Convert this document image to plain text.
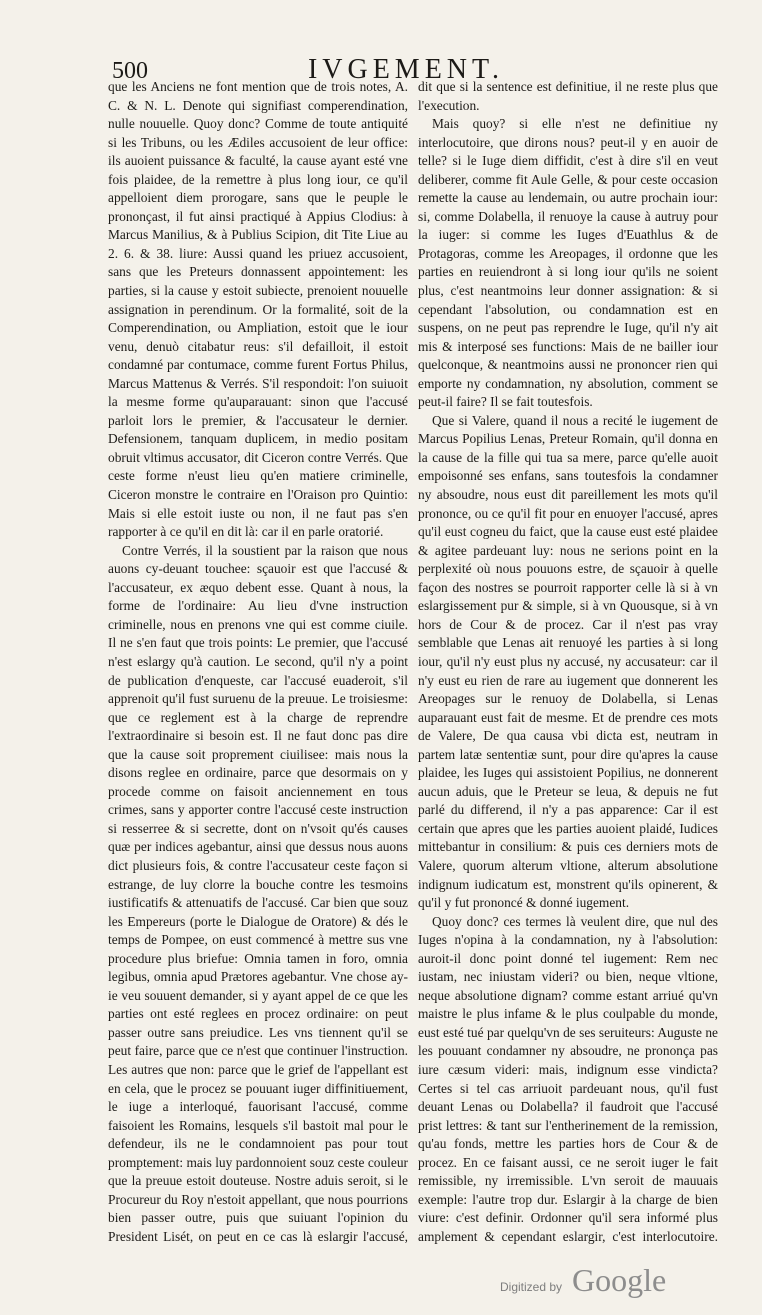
500	IVGEMENT.

que les Anciens ne font mention que de trois notes, A. C. & N. L. Denote qui signifiast comperendination, nulle nouuelle. Quoy donc? Comme de toute antiquité si les Tribuns, ou les Ædiles accusoient de leur office: ils auoient puissance & faculté, la cause ayant esté vne fois plaidee, de la remettre à plus long iour, ce qu'il appelloient diem prorogare, sans que le peuple le prononçast, il fut ainsi practiqué à Appius Clodius: à Marcus Manilius, & à Publius Scipion, dit Tite Liue au 2. 6. & 38. liure: Aussi quand les priuez accusoient, sans que les Preteurs donnassent appointement: les parties, si la cause y estoit subiecte, prenoient nouuelle assignation in perendinum. Or la formalité, soit de la Comperendination, ou Ampliation, estoit que le iour venu, denuò citabatur reus: s'il defailloit, il estoit condamné par contumace, comme furent Fortus Philus, Marcus Mattenus & Verrés. S'il respondoit: l'on suiuoit la mesme forme qu'auparauant: sinon que l'accusé parloit lors le premier, & l'accusateur le dernier. Defensionem, tanquam duplicem, in medio positam obruit vltimus accusator, dit Ciceron contre Verrés. Que ceste forme n'eust lieu qu'en matiere criminelle, Ciceron monstre le contraire en l'Oraison pro Quintio: Mais si elle estoit iuste ou non, il ne faut pas s'en rapporter à ce qu'il en dit là: car il en parle oratorié.

Contre Verrés, il la soustient par la raison que nous auons cy-deuant touchee: sçauoir est que l'accusé & l'accusateur, ex æquo debent esse. Quant à nous, la forme de l'ordinaire: Au lieu d'vne instruction criminelle, nous en prenons vne qui est comme ciuile. Il ne s'en faut que trois points: Le premier, que l'accusé n'est eslargy qu'à caution. Le second, qu'il n'y a point de publication d'enqueste, car l'accusé euaderoit, s'il apprenoit qu'il fust suruenu de la preuue. Le troisiesme: que ce reglement est à la charge de reprendre l'extraordinaire si besoin est. Il ne faut donc pas dire que la cause soit proprement ciuilisee: mais nous la disons reglee en ordinaire, parce que desormais on y procede comme on faisoit anciennement en tous crimes, sans y apporter contre l'accusé ceste instruction si resserree & si secrette, dont on n'vsoit qu'és causes quæ per indices agebantur, ainsi que dessus nous auons dict plusieurs fois, & contre l'accusateur ceste façon si estrange, de luy clorre la bouche contre les tesmoins iustificatifs & attenuatifs de l'accusé. Car bien que souz les Empereurs (porte le Dialogue de Oratore) & dés le temps de Pompee, on eust commencé à mettre sus vne procedure plus briefue: Omnia tamen in foro, omnia legibus, omnia apud Prætores agebantur. Vne chose ay-ie veu souuent demander, si y ayant appel de ce que les parties ont esté reglees en procez ordinaire: on peut passer outre sans preiudice. Les vns tiennent qu'il se peut faire, parce que ce n'est que continuer l'instruction. Les autres que non: parce que le grief de l'appellant est en cela, que le procez se pouuant iuger diffinitiuement, le iuge a interloqué, fauorisant l'accusé, comme faisoient les Romains, lesquels s'il bastoit mal pour le defendeur, ils ne le condamnoient pas pour tout promptement: mais luy pardonnoient souz ceste couleur que la preuue estoit douteuse. Nostre aduis seroit, si le Procureur du Roy n'estoit appellant, que nous pourrions bien passer outre, puis que suiuant l'opinion du President Lisét, on peut en ce cas là eslargir l'accusé,

dit que si la sentence est definitiue, il ne reste plus que l'execution.

Mais quoy? si elle n'est ne definitiue ny interlocutoire, que dirons nous? peut-il y en auoir de telle? si le Iuge diem diffidit, c'est à dire s'il en veut deliberer, comme fit Aule Gelle, & pour ceste occasion remette la cause au lendemain, ou autre prochain iour: si, comme Dolabella, il renuoye la cause à autruy pour la iuger: si comme les Iuges d'Euathlus & de Protagoras, comme les Areopages, il ordonne que les parties en reuiendront à si long iour qu'ils ne soient plus, c'est neantmoins leur donner assignation: & si cependant l'absolution, ou condamnation est en suspens, on ne peut pas reprendre le Iuge, qu'il n'y ait mis & interposé ses functions: Mais de ne bailler iour quelconque, & neantmoins aussi ne prononcer rien qui emporte ny condamnation, ny absolution, comment se peut-il faire? Il se fait toutesfois.

Que si Valere, quand il nous a recité le iugement de Marcus Popilius Lenas, Preteur Romain, qu'il donna en la cause de la fille qui tua sa mere, parce qu'elle auoit empoisonné ses enfans, sans toutesfois la condamner ny absoudre, nous eust dit pareillement les mots qu'il prononce, ou ce qu'il fit pour en enuoyer l'accusé, apres qu'il eust cogneu du faict, que la cause eust esté plaidee & agitee pardeuant luy: nous ne serions point en la perplexité où nous pouuons estre, de sçauoir à quelle façon des nostres se pourroit rapporter celle là si à vn eslargissement pur & simple, si à vn Quousque, si à vn hors de Cour & de procez. Car il n'est pas vray semblable que Lenas ait renuoyé les parties à si long iour, qu'il n'y eust plus ny accusé, ny accusateur: car il n'y eust eu rien de rare au iugement que donnerent les Areopages sur le renuoy de Dolabella, si Lenas auparauant eust fait de mesme. Et de prendre ces mots de Valere, De qua causa vbi dicta est, neutram in partem latæ sententiæ sunt, pour dire qu'apres la cause plaidee, les Iuges qui assistoient Popilius, ne donnerent aucun aduis, que le Preteur se leua, & depuis ne fut parlé du differend, il n'y a pas apparence: Car il est certain que apres que les parties auoient plaidé, Iudices mittebantur in consilium: & puis ces derniers mots de Valere, quorum alterum vltione, alterum absolutione indignum iudicatum est, monstrent qu'ils opinerent, & qu'il y fut prononcé & donné iugement.

Quoy donc? ces termes là veulent dire, que nul des Iuges n'opina à la condamnation, ny à l'absolution: auroit-il donc point donné tel iugement: Rem nec iustam, nec iniustam videri? ou bien, neque vltione, neque absolutione dignam? comme estant arriué qu'vn maistre le plus infame & le plus coulpable du monde, eust esté tué par quelqu'vn de ses seruiteurs: Auguste ne les pouuant condamner ny absoudre, ne prononça pas iure cæsum videri: mais, indignum esse vindicta? Certes si tel cas arriuoit pardeuant nous, qu'il fust deuant Lenas ou Dolabella? il faudroit que l'accusé prist lettres: & tant sur l'entherinement de la remission, qu'au fonds, mettre les parties hors de Cour & de procez. En ce faisant aussi, ce ne seroit iuger le fait remissible, ny irremissible. L'vn seroit de mauuais exemple: l'autre trop dur. Eslargir à la charge de bien viure: c'est definir. Ordonner qu'il sera informé plus amplement & cependant eslargir, c'est interlocutoire.

Digitized by Google
